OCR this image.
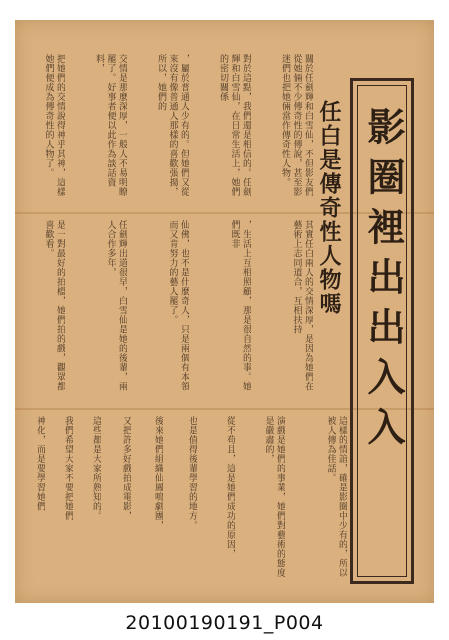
影圈裡出出入入
任白是傳奇性人物嗎
關於任劍輝和白雪仙，不但影友們從她倆不少傳奇性的傳說，甚至影迷們也把她倆當作傳奇性人物。
對於這點，我們還是相信的。任劍輝和白雪仙，在日常生活上，她們的密切關係
，屬於普通人少有的。但她們又從來沒有像普通人那樣的喜歡張揚，所以，她們的
交情是那麼深厚，一般人不易明瞭罷了。好事者便以此作為談話資料，
把她們的交情說得神乎其神，這樣她們便成為傳奇性的人物了。
其實任白兩人的交情深厚，是因為她們在藝術上志同道合，互相扶持
，生活上互相照顧，那是很自然的事。她們既非
仙佛，也不是什麼奇人，只是兩個有本領而又肯努力的藝人罷了。
任劍輝出道很早，白雪仙是她的後輩，兩人合作多年，
是一對最好的拍檔，她們拍的戲，觀眾都喜歡看。
這樣的情誼，確是影圈中少有的，所以被人傳為佳話。
演戲是她們的事業，她們對藝術的態度是嚴肅的，
從不苟且，這是她們成功的原因，
也是值得後輩學習的地方。
後來她們組織仙鳳鳴劇團，
又把許多好戲拍成電影，
這些都是大家所熟知的。
我們希望大家不要把她們
神化，而是要學習她們
20100190191_P004
